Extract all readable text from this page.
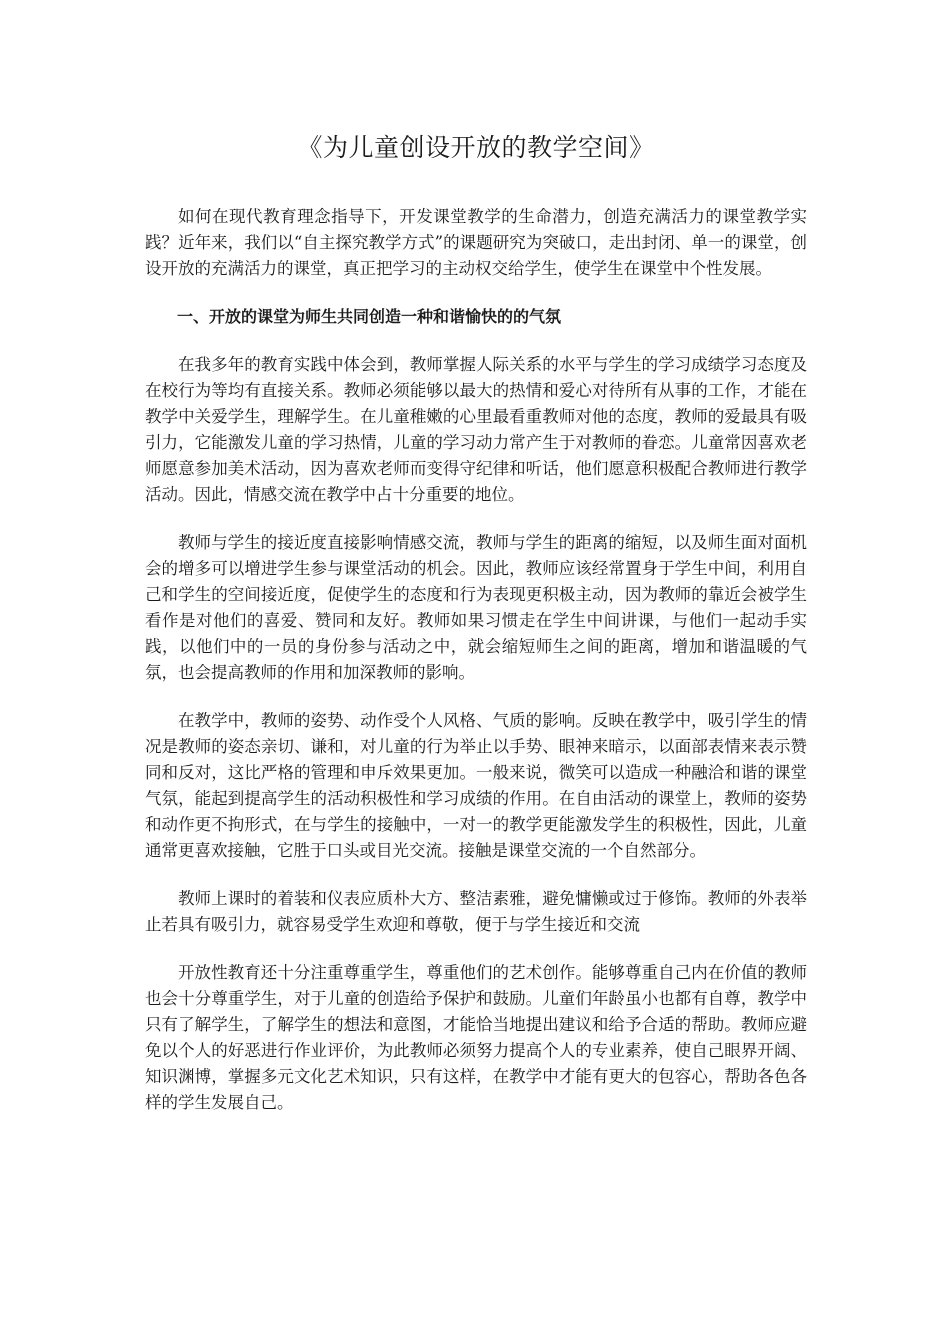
《为儿童创设开放的教学空间》

如何在现代教育理念指导下，开发课堂教学的生命潜力，创造充满活力的课堂教学实践？近年来，我们以“自主探究教学方式”的课题研究为突破口，走出封闭、单一的课堂，创设开放的充满活力的课堂，真正把学习的主动权交给学生，使学生在课堂中个性发展。

一、开放的课堂为师生共同创造一种和谐愉快的的气氛

在我多年的教育实践中体会到，教师掌握人际关系的水平与学生的学习成绩学习态度及在校行为等均有直接关系。教师必须能够以最大的热情和爱心对待所有从事的工作，才能在教学中关爱学生，理解学生。在儿童稚嫩的心里最看重教师对他的态度，教师的爱最具有吸引力，它能激发儿童的学习热情，儿童的学习动力常产生于对教师的眷恋。儿童常因喜欢老师愿意参加美术活动，因为喜欢老师而变得守纪律和听话，他们愿意积极配合教师进行教学活动。因此，情感交流在教学中占十分重要的地位。

教师与学生的接近度直接影响情感交流，教师与学生的距离的缩短，以及师生面对面机会的增多可以增进学生参与课堂活动的机会。因此，教师应该经常置身于学生中间，利用自己和学生的空间接近度，促使学生的态度和行为表现更积极主动，因为教师的靠近会被学生看作是对他们的喜爱、赞同和友好。教师如果习惯走在学生中间讲课，与他们一起动手实践，以他们中的一员的身份参与活动之中，就会缩短师生之间的距离，增加和谐温暖的气氛，也会提高教师的作用和加深教师的影响。

在教学中，教师的姿势、动作受个人风格、气质的影响。反映在教学中，吸引学生的情况是教师的姿态亲切、谦和，对儿童的行为举止以手势、眼神来暗示，以面部表情来表示赞同和反对，这比严格的管理和申斥效果更加。一般来说，微笑可以造成一种融洽和谐的课堂气氛，能起到提高学生的活动积极性和学习成绩的作用。在自由活动的课堂上，教师的姿势和动作更不拘形式，在与学生的接触中，一对一的教学更能激发学生的积极性，因此，儿童通常更喜欢接触，它胜于口头或目光交流。接触是课堂交流的一个自然部分。

教师上课时的着装和仪表应质朴大方、整洁素雅，避免慵懒或过于修饰。教师的外表举止若具有吸引力，就容易受学生欢迎和尊敬，便于与学生接近和交流

开放性教育还十分注重尊重学生，尊重他们的艺术创作。能够尊重自己内在价值的教师也会十分尊重学生，对于儿童的创造给予保护和鼓励。儿童们年龄虽小也都有自尊，教学中只有了解学生，了解学生的想法和意图，才能恰当地提出建议和给予合适的帮助。教师应避免以个人的好恶进行作业评价，为此教师必须努力提高个人的专业素养，使自己眼界开阔、知识渊博，掌握多元文化艺术知识，只有这样，在教学中才能有更大的包容心，帮助各色各样的学生发展自己。
